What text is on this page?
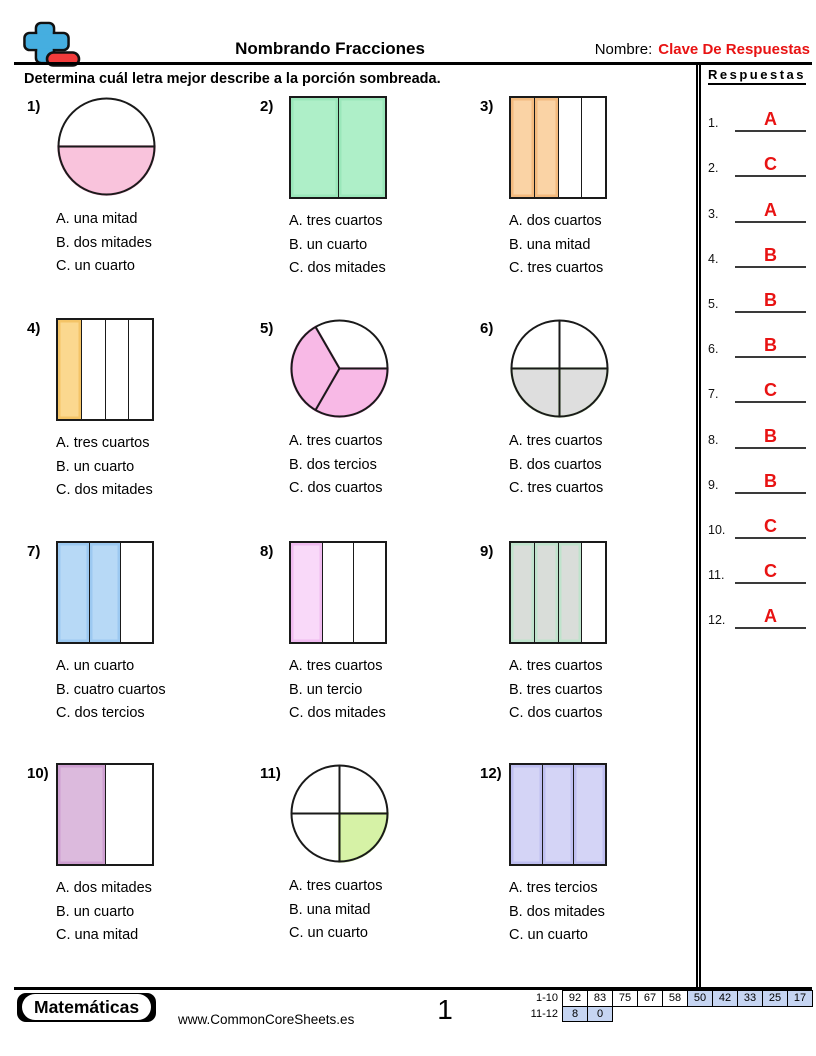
Nombrando Fracciones	Nombre: Clave De Respuestas
Determina cuál letra mejor describe a la porción sombreada.
1)
A. una mitad
B. dos mitades
C. un cuarto
2)
A. tres cuartos
B. un cuarto
C. dos mitades
3)
A. dos cuartos
B. una mitad
C. tres cuartos
4)
A. tres cuartos
B. un cuarto
C. dos mitades
5)
A. tres cuartos
B. dos tercios
C. dos cuartos
6)
A. tres cuartos
B. dos cuartos
C. tres cuartos
7)
A. un cuarto
B. cuatro cuartos
C. dos tercios
8)
A. tres cuartos
B. un tercio
C. dos mitades
9)
A. tres cuartos
B. tres cuartos
C. dos cuartos
10)
A. dos mitades
B. un cuarto
C. una mitad
11)
A. tres cuartos
B. una mitad
C. un cuarto
12)
A. tres tercios
B. dos mitades
C. un cuarto
Respuestas
1.	A
2.	C
3.	A
4.	B
5.	B
6.	B
7.	C
8.	B
9.	B
10.	C
11.	C
12.	A
Matemáticas
www.CommonCoreSheets.es	1	1-10	92	83	75	67	58	50	42	33	25	17
11-12	8	0								
